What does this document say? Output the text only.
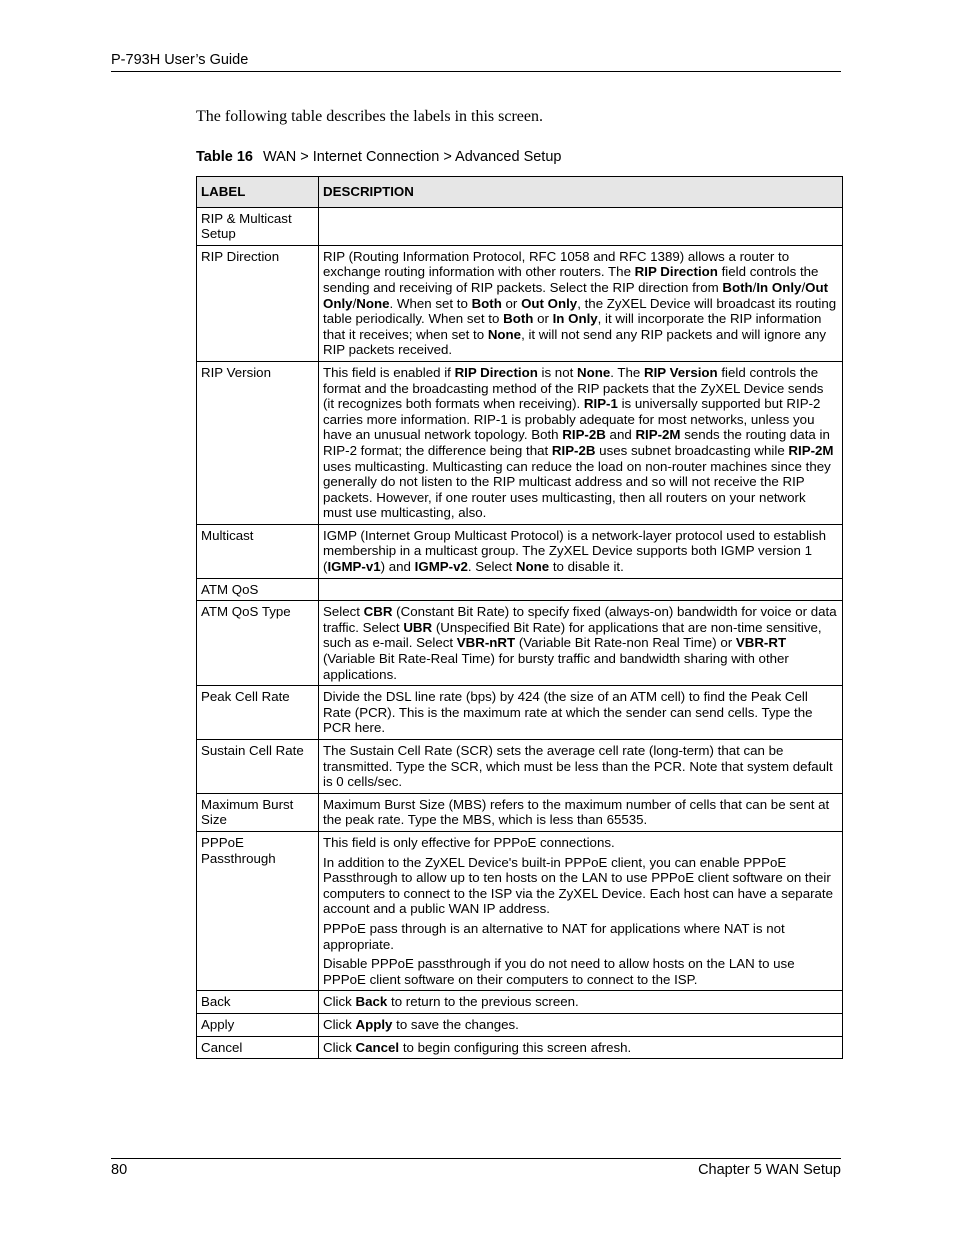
P-793H User’s Guide
The following table describes the labels in this screen.
Table 16 WAN > Internet Connection > Advanced Setup
LABEL	DESCRIPTION
RIP & Multicast Setup	
RIP Direction	RIP (Routing Information Protocol, RFC 1058 and RFC 1389) allows a router to exchange routing information with other routers. The RIP Direction field controls the sending and receiving of RIP packets. Select the RIP direction from Both/In Only/Out Only/None. When set to Both or Out Only, the ZyXEL Device will broadcast its routing table periodically. When set to Both or In Only, it will incorporate the RIP information that it receives; when set to None, it will not send any RIP packets and will ignore any RIP packets received.

RIP Version	This field is enabled if RIP Direction is not None. The RIP Version field controls the format and the broadcasting method of the RIP packets that the ZyXEL Device sends (it recognizes both formats when receiving). RIP-1 is universally supported but RIP-2 carries more information. RIP-1 is probably adequate for most networks, unless you have an unusual network topology. Both RIP-2B and RIP-2M sends the routing data in RIP-2 format; the difference being that RIP-2B uses subnet broadcasting while RIP-2M uses multicasting. Multicasting can reduce the load on non-router machines since they generally do not listen to the RIP multicast address and so will not receive the RIP packets. However, if one router uses multicasting, then all routers on your network must use multicasting, also.

Multicast	IGMP (Internet Group Multicast Protocol) is a network-layer protocol used to establish membership in a multicast group. The ZyXEL Device supports both IGMP version 1 (IGMP-v1) and IGMP-v2. Select None to disable it.

ATM QoS	
ATM QoS Type	Select CBR (Constant Bit Rate) to specify fixed (always-on) bandwidth for voice or data traffic. Select UBR (Unspecified Bit Rate) for applications that are non-time sensitive, such as e-mail. Select VBR-nRT (Variable Bit Rate-non Real Time) or VBR-RT (Variable Bit Rate-Real Time) for bursty traffic and bandwidth sharing with other applications.

Peak Cell Rate	Divide the DSL line rate (bps) by 424 (the size of an ATM cell) to find the Peak Cell Rate (PCR). This is the maximum rate at which the sender can send cells. Type the PCR here.

Sustain Cell Rate	The Sustain Cell Rate (SCR) sets the average cell rate (long-term) that can be transmitted. Type the SCR, which must be less than the PCR. Note that system default is 0 cells/sec.

Maximum Burst Size	Maximum Burst Size (MBS) refers to the maximum number of cells that can be sent at the peak rate. Type the MBS, which is less than 65535.

PPPoE Passthrough	This field is only effective for PPPoE connections.

In addition to the ZyXEL Device's built-in PPPoE client, you can enable PPPoE Passthrough to allow up to ten hosts on the LAN to use PPPoE client software on their computers to connect to the ISP via the ZyXEL Device. Each host can have a separate account and a public WAN IP address.

PPPoE pass through is an alternative to NAT for applications where NAT is not appropriate.

Disable PPPoE passthrough if you do not need to allow hosts on the LAN to use PPPoE client software on their computers to connect to the ISP.

Back	Click Back to return to the previous screen.

Apply	Click Apply to save the changes.

Cancel	Click Cancel to begin configuring this screen afresh.

80	Chapter 5 WAN Setup
